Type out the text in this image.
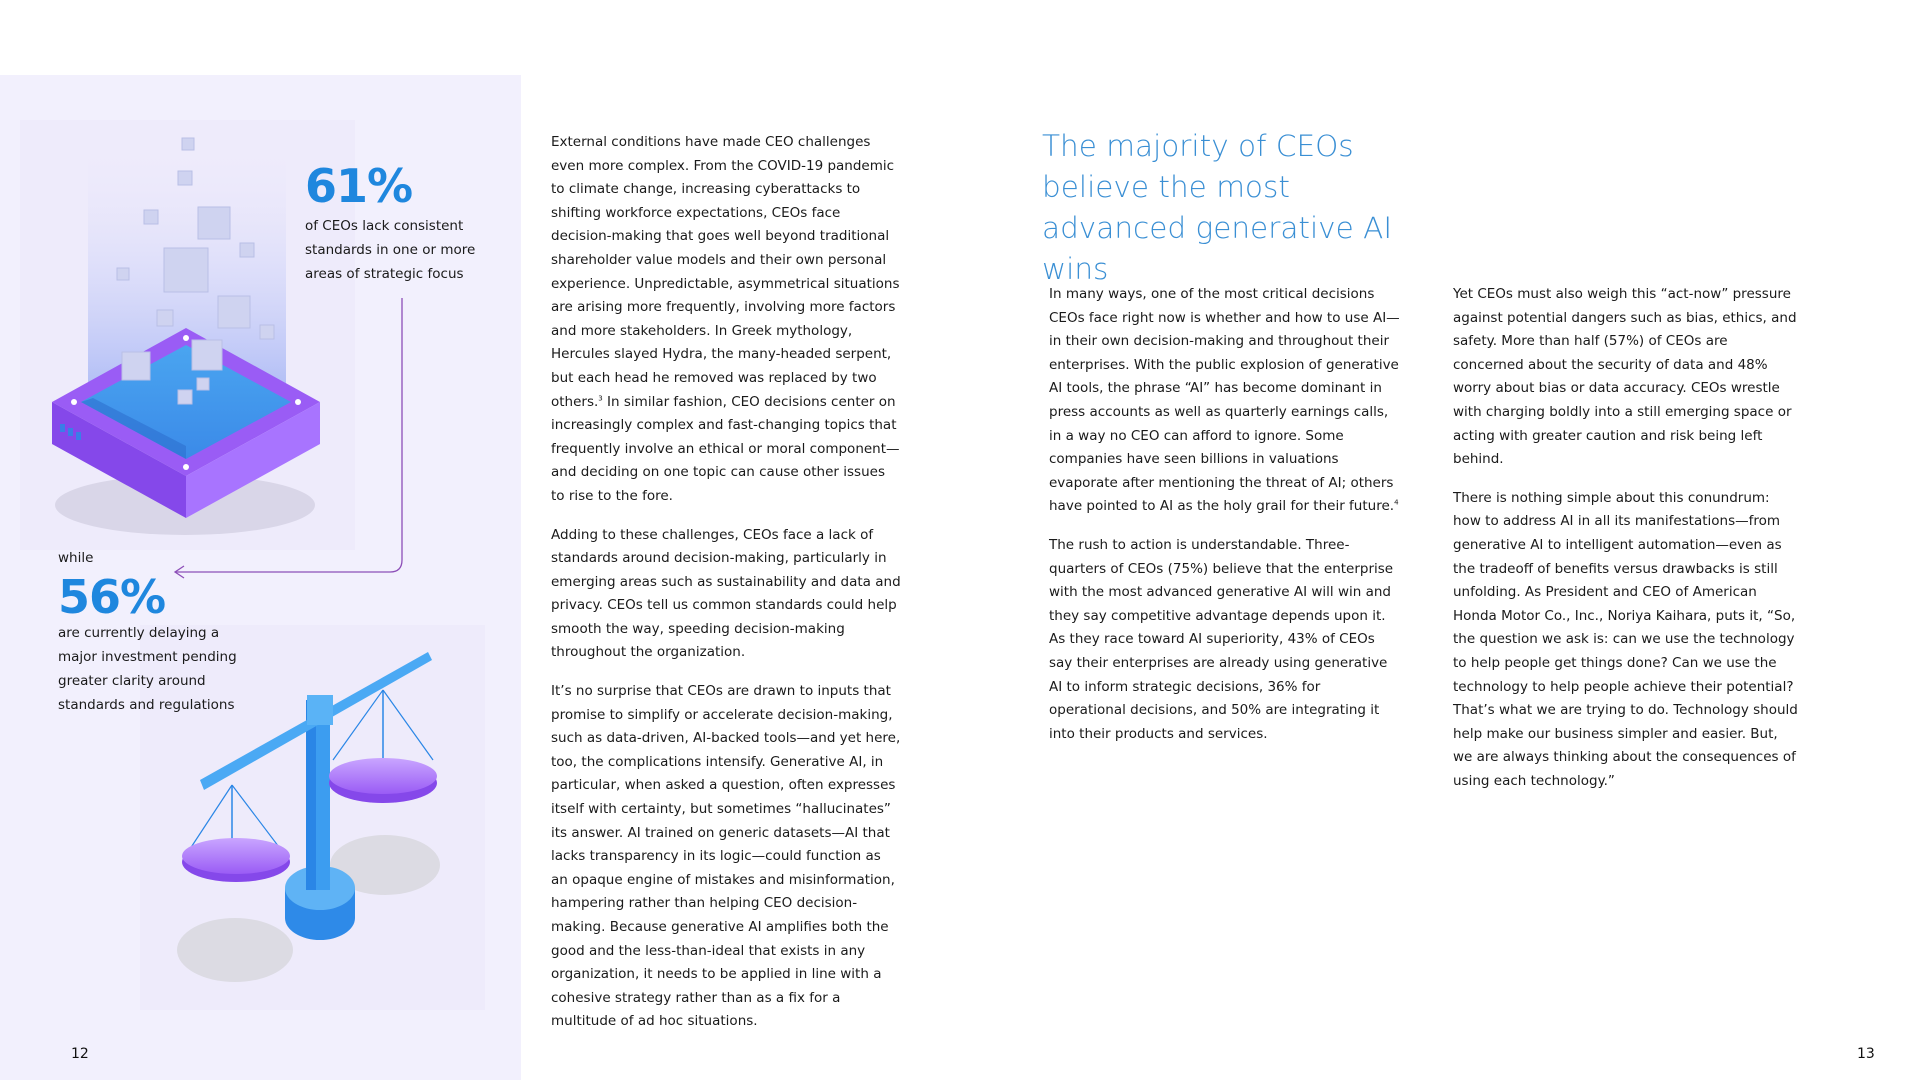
61%
of CEOs lack consistent standards in one or more areas of strategic focus
while
56%
are currently delaying a major investment pending greater clarity around standards and regulations
12

External conditions have made CEO challenges even more complex. From the COVID-19 pandemic to climate change, increasing cyberattacks to shifting workforce expectations, CEOs face decision-making that goes well beyond traditional shareholder value models and their own personal experience. Unpredictable, asymmetrical situations are arising more frequently, involving more factors and more stakeholders. In Greek mythology, Hercules slayed Hydra, the many-headed serpent, but each head he removed was replaced by two others.$^3$ In similar fashion, CEO decisions center on increasingly complex and fast-changing topics that frequently involve an ethical or moral component—and deciding on one topic can cause other issues to rise to the fore.

Adding to these challenges, CEOs face a lack of standards around decision-making, particularly in emerging areas such as sustainability and data and privacy. CEOs tell us common standards could help smooth the way, speeding decision-making throughout the organization.

It’s no surprise that CEOs are drawn to inputs that promise to simplify or accelerate decision-making, such as data-driven, AI-backed tools—and yet here, too, the complications intensify. Generative AI, in particular, when asked a question, often expresses itself with certainty, but sometimes “hallucinates” its answer. AI trained on generic datasets—AI that lacks transparency in its logic—could function as an opaque engine of mistakes and misinformation, hampering rather than helping CEO decision-making. Because generative AI amplifies both the good and the less-than-ideal that exists in any organization, it needs to be applied in line with a cohesive strategy rather than as a fix for a multitude of ad hoc situations.

The majority of CEOs believe the most advanced generative AI wins

In many ways, one of the most critical decisions CEOs face right now is whether and how to use AI—in their own decision-making and throughout their enterprises. With the public explosion of generative AI tools, the phrase “AI” has become dominant in press accounts as well as quarterly earnings calls, in a way no CEO can afford to ignore. Some companies have seen billions in valuations evaporate after mentioning the threat of AI; others have pointed to AI as the holy grail for their future.$^4$

The rush to action is understandable. Three-quarters of CEOs (75%) believe that the enterprise with the most advanced generative AI will win and they say competitive advantage depends upon it. As they race toward AI superiority, 43% of CEOs say their enterprises are already using generative AI to inform strategic decisions, 36% for operational decisions, and 50% are integrating it into their products and services.

Yet CEOs must also weigh this “act-now” pressure against potential dangers such as bias, ethics, and safety. More than half (57%) of CEOs are concerned about the security of data and 48% worry about bias or data accuracy. CEOs wrestle with charging boldly into a still emerging space or acting with greater caution and risk being left behind.

There is nothing simple about this conundrum: how to address AI in all its manifestations—from generative AI to intelligent automation—even as the tradeoff of benefits versus drawbacks is still unfolding. As President and CEO of American Honda Motor Co., Inc., Noriya Kaihara, puts it, “So, the question we ask is: can we use the technology to help people get things done? Can we use the technology to help people achieve their potential? That’s what we are trying to do. Technology should help make our business simpler and easier. But, we are always thinking about the consequences of using each technology.”

13
